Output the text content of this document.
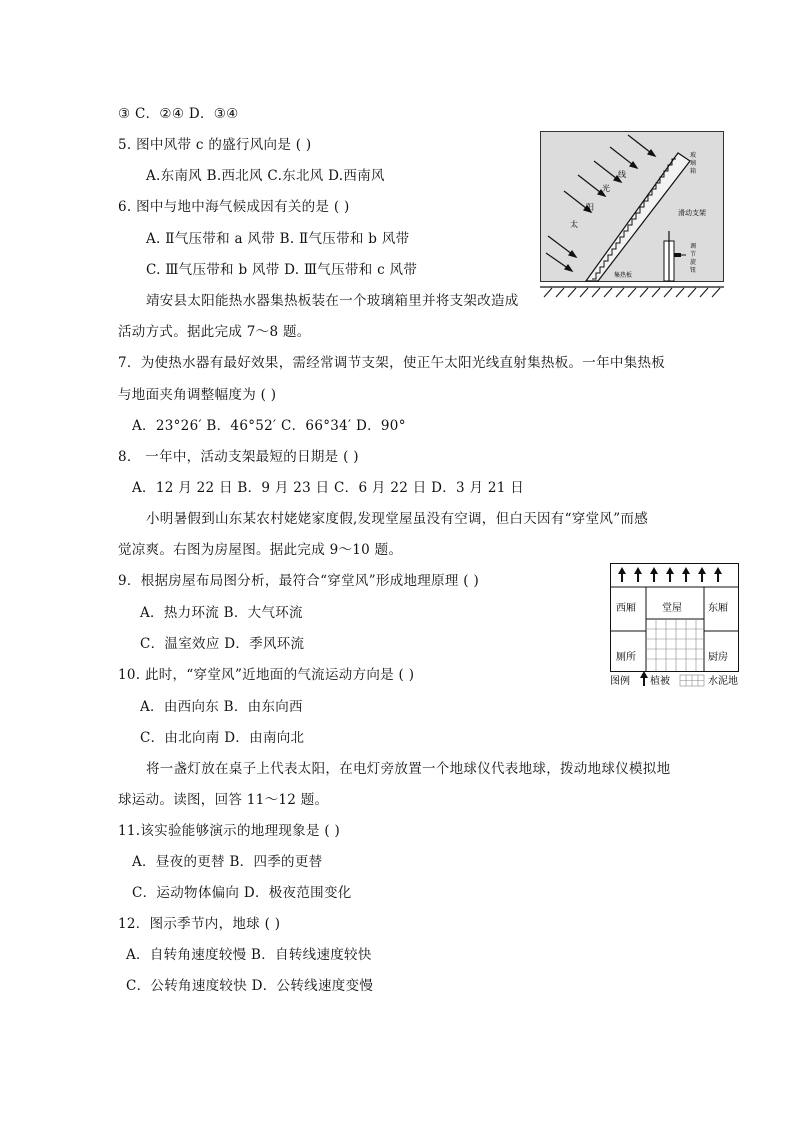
③ C．②④ D．③④
5. 图中风带 c 的盛行风向是 ( )
A.东南风 B.西北风 C.东北风 D.西南风
6. 图中与地中海气候成因有关的是 ( )
A. Ⅱ气压带和 a 风带 B. Ⅱ气压带和 b 风带
C. Ⅲ气压带和 b 风带 D. Ⅲ气压带和 c 风带
靖安县太阳能热水器集热板装在一个玻璃箱里并将支架改造成
活动方式。据此完成 7～8 题。
7．为使热水器有最好效果，需经常调节支架，使正午太阳光线直射集热板。一年中集热板
与地面夹角调整幅度为 ( )
A．23°26′ B．46°52′ C．66°34′ D．90°
8． 一年中，活动支架最短的日期是 ( )
A．12 月 22 日 B．9 月 23 日 C．6 月 22 日 D．3 月 21 日
小明暑假到山东某农村姥姥家度假,发现堂屋虽没有空调，但白天因有“穿堂风”而感
觉凉爽。右图为房屋图。据此完成 9～10 题。
9．根据房屋布局图分析，最符合“穿堂风”形成地理原理 ( )
A．热力环流 B．大气环流
C．温室效应 D．季风环流
10. 此时，“穿堂风”近地面的气流运动方向是 ( )
A．由西向东 B．由东向西
C．由北向南 D．由南向北
将一盏灯放在桌子上代表太阳，在电灯旁放置一个地球仪代表地球，拨动地球仪模拟地
球运动。读图，回答 11～12 题。
11.该实验能够演示的地理现象是 ( )
A．昼夜的更替 B．四季的更替
C．运动物体偏向 D．极夜范围变化
12．图示季节内，地球 ( )
A．自转角速度较慢 B．自转线速度较快
C．公转角速度较快 D．公转线速度变慢
太
阳
光
线
玻
璃
箱
滑动支架
调
节
旋
钮
集热板
西厢	堂屋	东厢
厕所	厨房
图例 植被	水泥地
